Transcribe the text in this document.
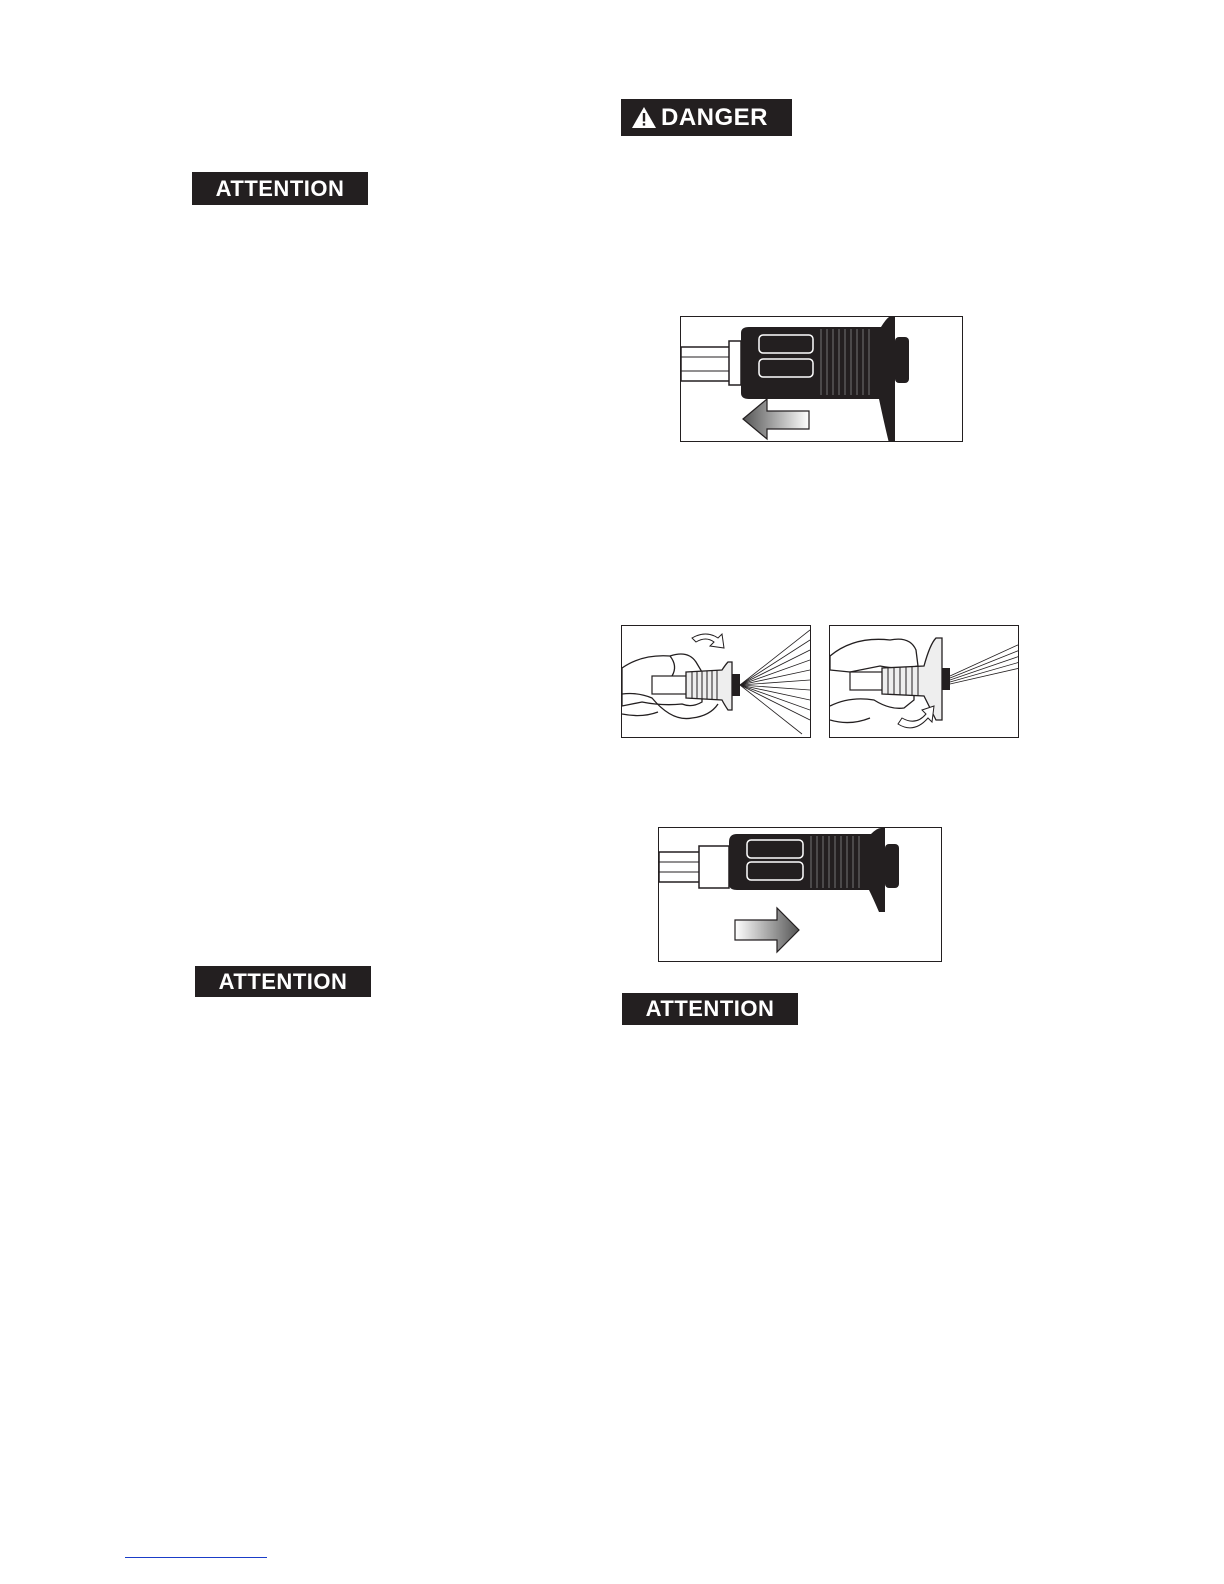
ATTENTION
ATTENTION
DANGER
ATTENTION
